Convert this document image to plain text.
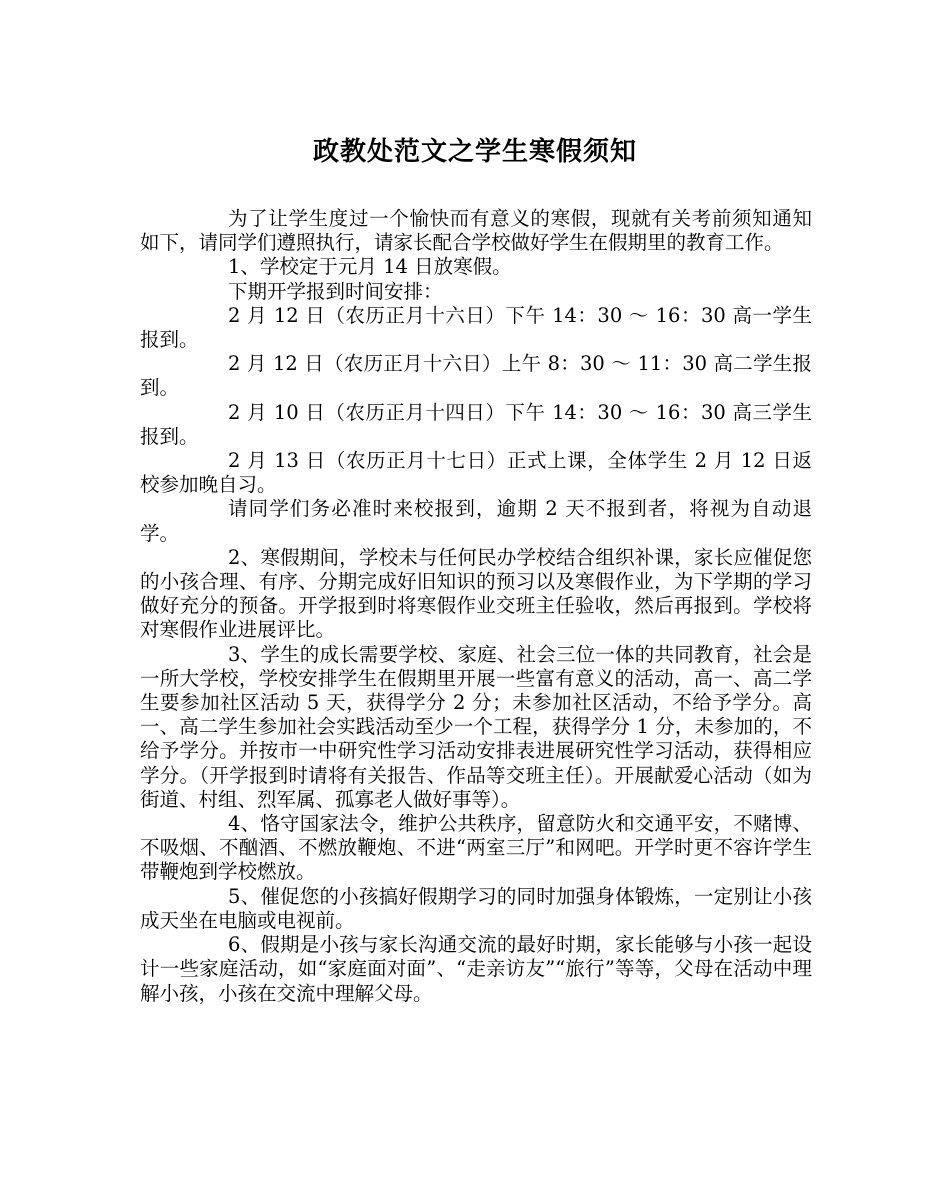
政教处范文之学生寒假须知

为了让学生度过一个愉快而有意义的寒假，现就有关考前须知通知如下，请同学们遵照执行，请家长配合学校做好学生在假期里的教育工作。

1、学校定于元月 14 日放寒假。

下期开学报到时间安排：

2 月 12 日（农历正月十六日）下午 14：30 ～ 16：30 高一学生报到。

2 月 12 日（农历正月十六日）上午 8：30 ～ 11：30 高二学生报到。

2 月 10 日（农历正月十四日）下午 14：30 ～ 16：30 高三学生报到。

2 月 13 日（农历正月十七日）正式上课，全体学生 2 月 12 日返校参加晚自习。

请同学们务必准时来校报到，逾期 2 天不报到者，将视为自动退学。

2、寒假期间，学校未与任何民办学校结合组织补课，家长应催促您的小孩合理、有序、分期完成好旧知识的预习以及寒假作业，为下学期的学习做好充分的预备。开学报到时将寒假作业交班主任验收，然后再报到。学校将对寒假作业进展评比。

3、学生的成长需要学校、家庭、社会三位一体的共同教育，社会是一所大学校，学校安排学生在假期里开展一些富有意义的活动，高一、高二学生要参加社区活动 5 天，获得学分 2 分；未参加社区活动，不给予学分。高一、高二学生参加社会实践活动至少一个工程，获得学分 1 分，未参加的，不给予学分。并按市一中研究性学习活动安排表进展研究性学习活动，获得相应学分。（开学报到时请将有关报告、作品等交班主任）。开展献爱心活动（如为街道、村组、烈军属、孤寡老人做好事等）。

4、恪守国家法令，维护公共秩序，留意防火和交通平安，不赌博、不吸烟、不酗酒、不燃放鞭炮、不进“两室三厅”和网吧。开学时更不容许学生带鞭炮到学校燃放。

5、催促您的小孩搞好假期学习的同时加强身体锻炼，一定别让小孩成天坐在电脑或电视前。

6、假期是小孩与家长沟通交流的最好时期，家长能够与小孩一起设计一些家庭活动，如“家庭面对面”、“走亲访友”“旅行”等等，父母在活动中理解小孩，小孩在交流中理解父母。
